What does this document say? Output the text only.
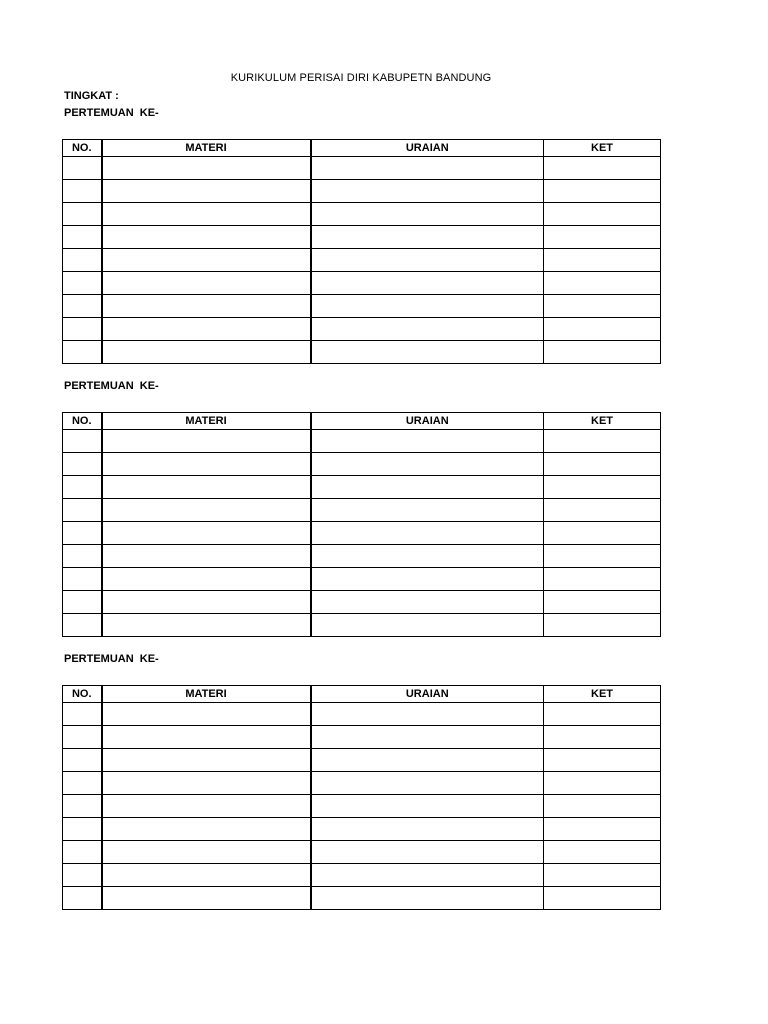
KURIKULUM PERISAI DIRI KABUPETN BANDUNG
TINGKAT :
PERTEMUAN  KE-
NO.	MATERI	URAIAN	KET

PERTEMUAN  KE-
NO.	MATERI	URAIAN	KET

PERTEMUAN  KE-
NO.	MATERI	URAIAN	KET
